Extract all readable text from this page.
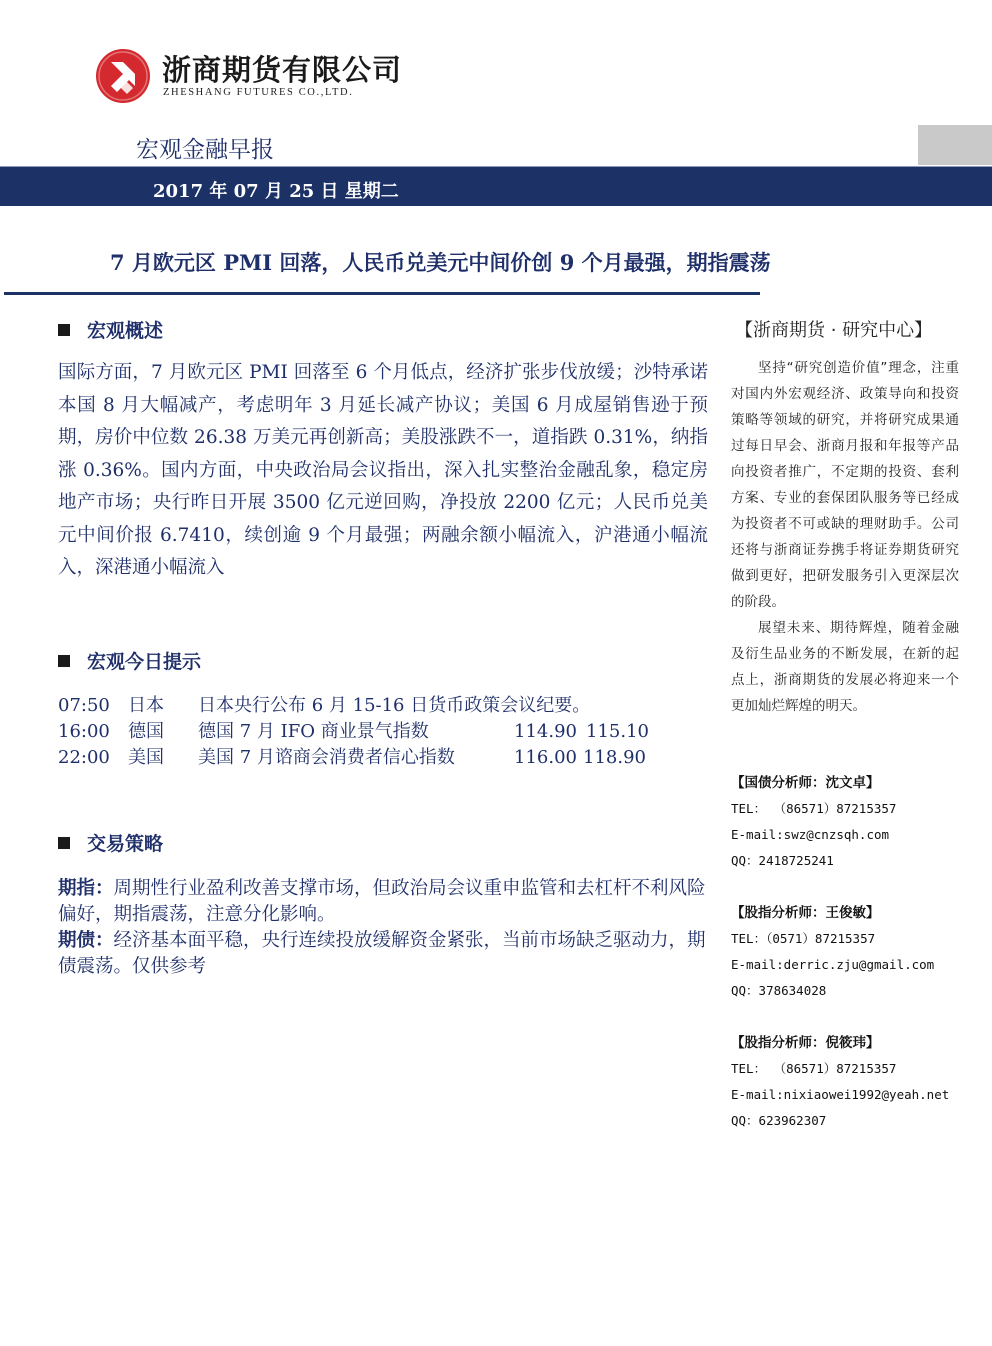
浙商期货有限公司
ZHESHANG FUTURES CO.,LTD.
宏观金融早报
2017 年 07 月 25 日 星期二
7 月欧元区 PMI 回落，人民币兑美元中间价创 9 个月最强，期指震荡
宏观概述
国际方面，7 月欧元区 PMI 回落至 6 个月低点，经济扩张步伐放缓；沙特承诺本国 8 月大幅减产，考虑明年 3 月延长减产协议；美国 6 月成屋销售逊于预期，房价中位数 26.38 万美元再创新高；美股涨跌不一，道指跌 0.31%，纳指涨 0.36%。国内方面，中央政治局会议指出，深入扎实整治金融乱象，稳定房地产市场；央行昨日开展 3500 亿元逆回购，净投放 2200 亿元；人民币兑美元中间价报 6.7410，续创逾 9 个月最强；两融余额小幅流入，沪港通小幅流入，深港通小幅流入
宏观今日提示
07:50 日本 日本央行公布 6 月 15-16 日货币政策会议纪要。
16:00 德国 德国 7 月 IFO 商业景气指数	114.90 115.10
22:00 美国 美国 7 月谘商会消费者信心指数	116.00 118.90
交易策略
期指：周期性行业盈利改善支撑市场，但政治局会议重申监管和去杠杆不利风险偏好，期指震荡，注意分化影响。
期债：经济基本面平稳，央行连续投放缓解资金紧张，当前市场缺乏驱动力，期债震荡。仅供参考
【浙商期货 · 研究中心】

坚持“研究创造价值”理念，注重对国内外宏观经济、政策导向和投资策略等领域的研究，并将研究成果通过每日早会、浙商月报和年报等产品向投资者推广，不定期的投资、套利方案、专业的套保团队服务等已经成为投资者不可或缺的理财助手。公司还将与浙商证券携手将证券期货研究做到更好，把研发服务引入更深层次的阶段。

展望未来、期待辉煌，随着金融及衍生品业务的不断发展，在新的起点上，浙商期货的发展必将迎来一个更加灿烂辉煌的明天。

【国债分析师：沈文卓】
TEL： （86571）87215357
E-mail:swz@cnzsqh.com
QQ：2418725241
【股指分析师：王俊敏】
TEL：（0571）87215357
E-mail:derric.zju@gmail.com
QQ：378634028
【股指分析师：倪筱玮】
TEL： （86571）87215357
E-mail:nixiaowei1992@yeah.net
QQ：623962307
